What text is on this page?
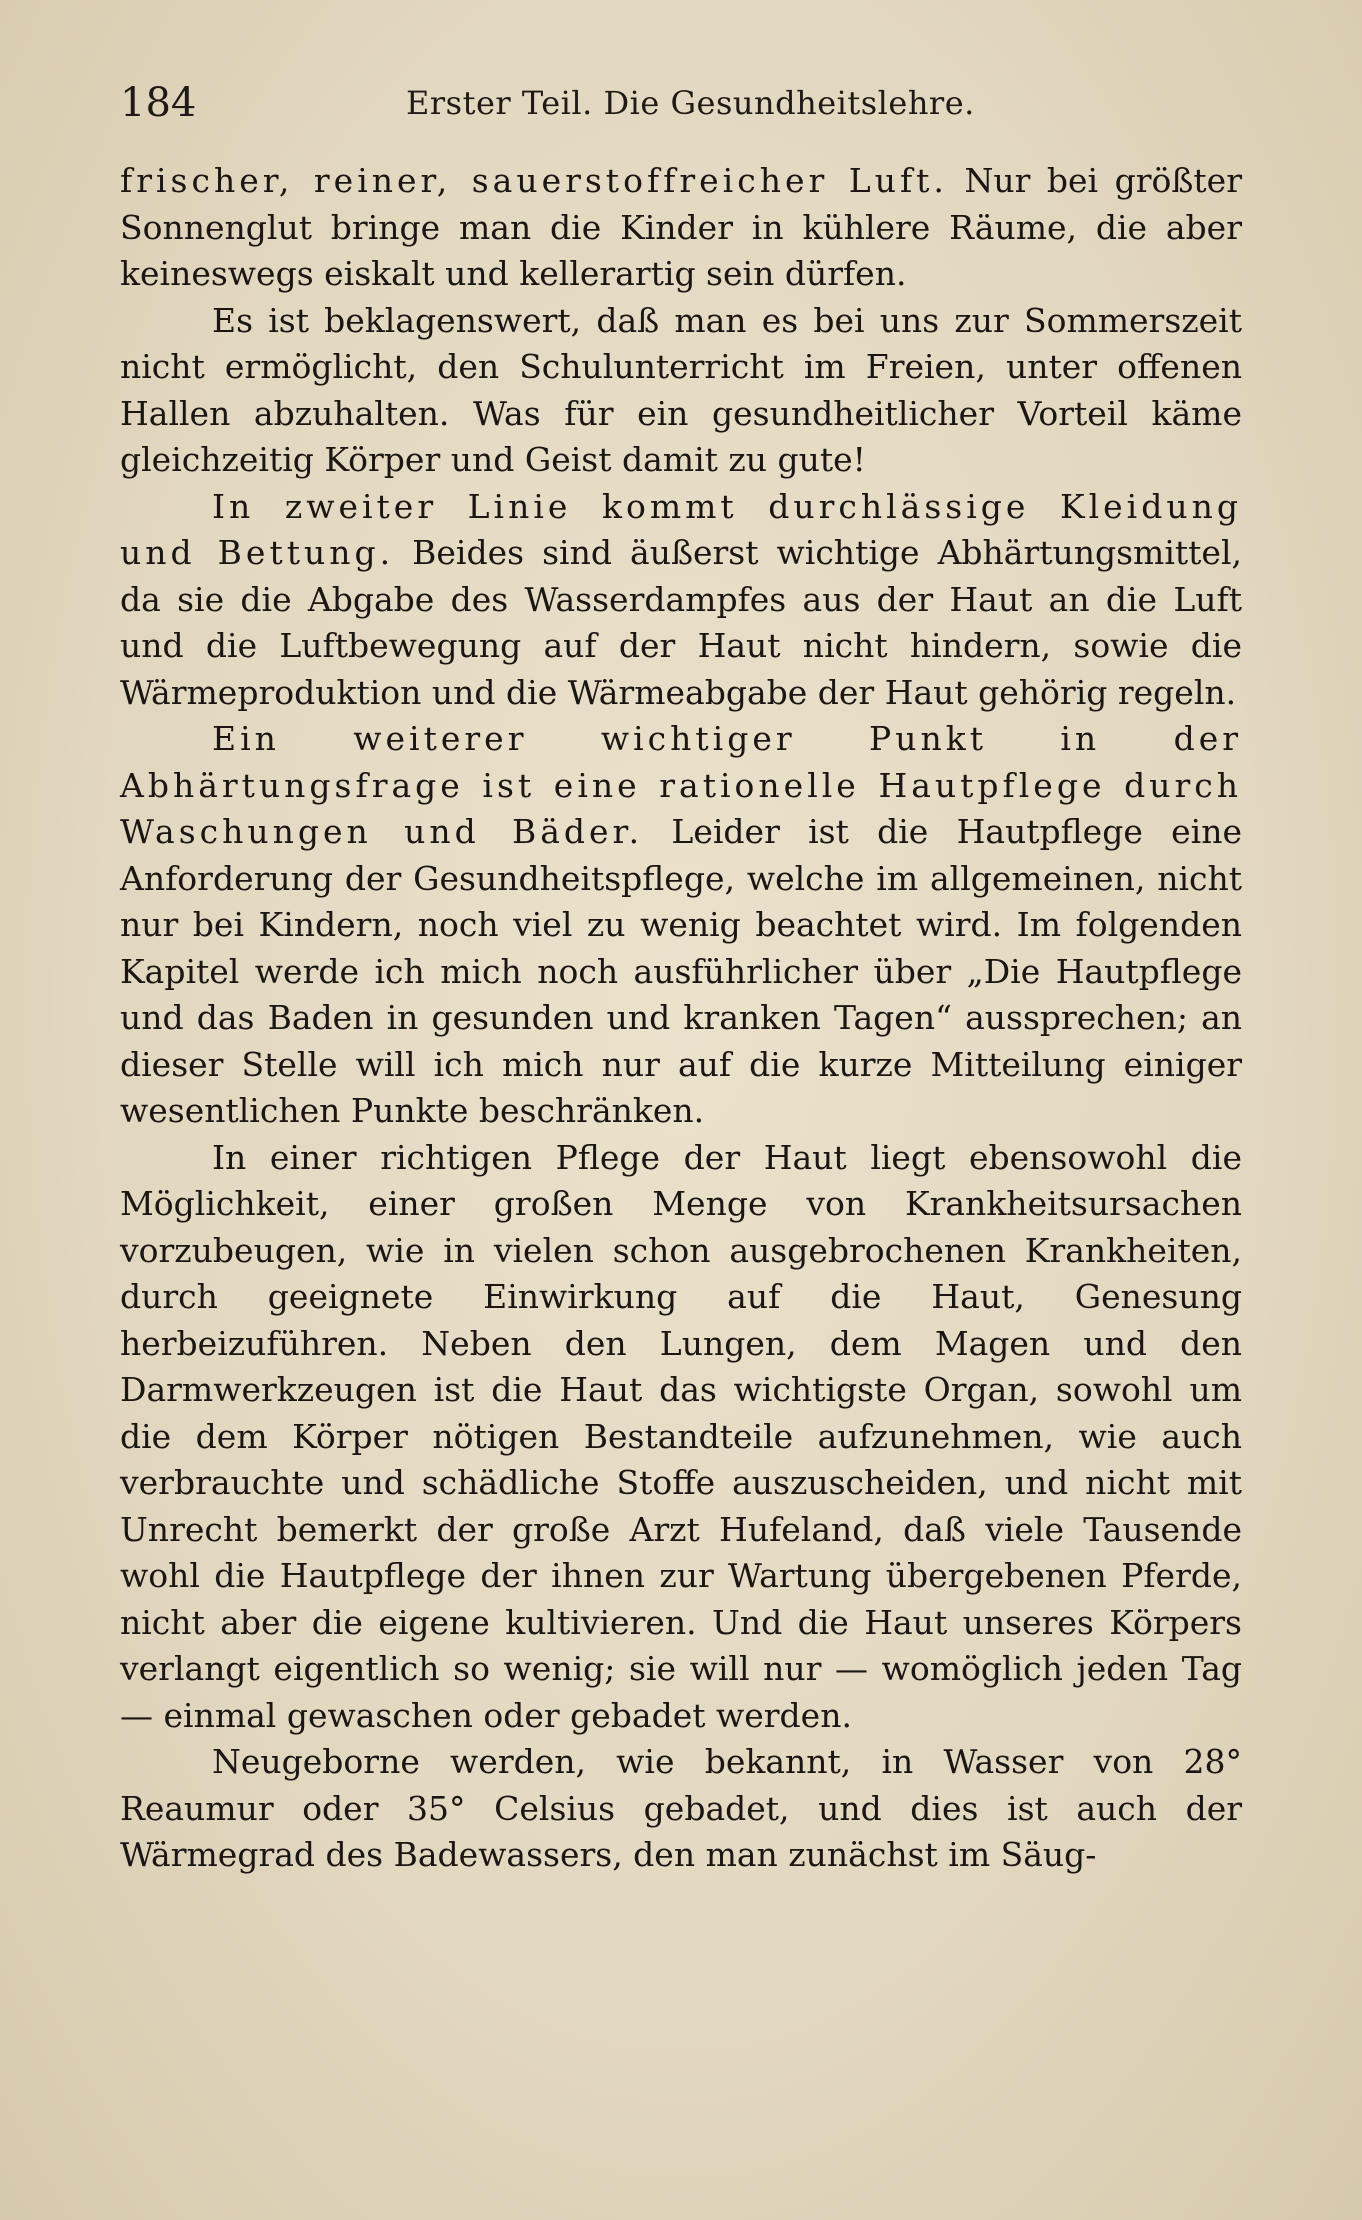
184	Erster Teil. Die Gesundheitslehre.

frischer, reiner, sauerstoffreicher Luft. Nur bei größter Sonnenglut bringe man die Kinder in kühlere Räume, die aber keineswegs eiskalt und kellerartig sein dürfen.

Es ist beklagenswert, daß man es bei uns zur Sommerszeit nicht ermöglicht, den Schulunterricht im Freien, unter offenen Hallen abzuhalten. Was für ein gesundheitlicher Vorteil käme gleichzeitig Körper und Geist damit zu gute!

In zweiter Linie kommt durchlässige Kleidung und Bettung. Beides sind äußerst wichtige Abhärtungsmittel, da sie die Abgabe des Wasserdampfes aus der Haut an die Luft und die Luftbewegung auf der Haut nicht hindern, sowie die Wärmeproduktion und die Wärmeabgabe der Haut gehörig regeln.

Ein weiterer wichtiger Punkt in der Abhärtungsfrage ist eine rationelle Hautpflege durch Waschungen und Bäder. Leider ist die Hautpflege eine Anforderung der Gesundheitspflege, welche im allgemeinen, nicht nur bei Kindern, noch viel zu wenig beachtet wird. Im folgenden Kapitel werde ich mich noch ausführlicher über „Die Hautpflege und das Baden in gesunden und kranken Tagen“ aussprechen; an dieser Stelle will ich mich nur auf die kurze Mitteilung einiger wesentlichen Punkte beschränken.

In einer richtigen Pflege der Haut liegt ebensowohl die Möglichkeit, einer großen Menge von Krankheitsursachen vorzubeugen, wie in vielen schon ausgebrochenen Krankheiten, durch geeignete Einwirkung auf die Haut, Genesung herbeizuführen. Neben den Lungen, dem Magen und den Darmwerkzeugen ist die Haut das wichtigste Organ, sowohl um die dem Körper nötigen Bestandteile aufzunehmen, wie auch verbrauchte und schädliche Stoffe auszuscheiden, und nicht mit Unrecht bemerkt der große Arzt Hufeland, daß viele Tausende wohl die Hautpflege der ihnen zur Wartung übergebenen Pferde, nicht aber die eigene kultivieren. Und die Haut unseres Körpers verlangt eigentlich so wenig; sie will nur — womöglich jeden Tag — einmal gewaschen oder gebadet werden.

Neugeborne werden, wie bekannt, in Wasser von 28° Reaumur oder 35° Celsius gebadet, und dies ist auch der Wärmegrad des Badewassers, den man zunächst im Säug-
